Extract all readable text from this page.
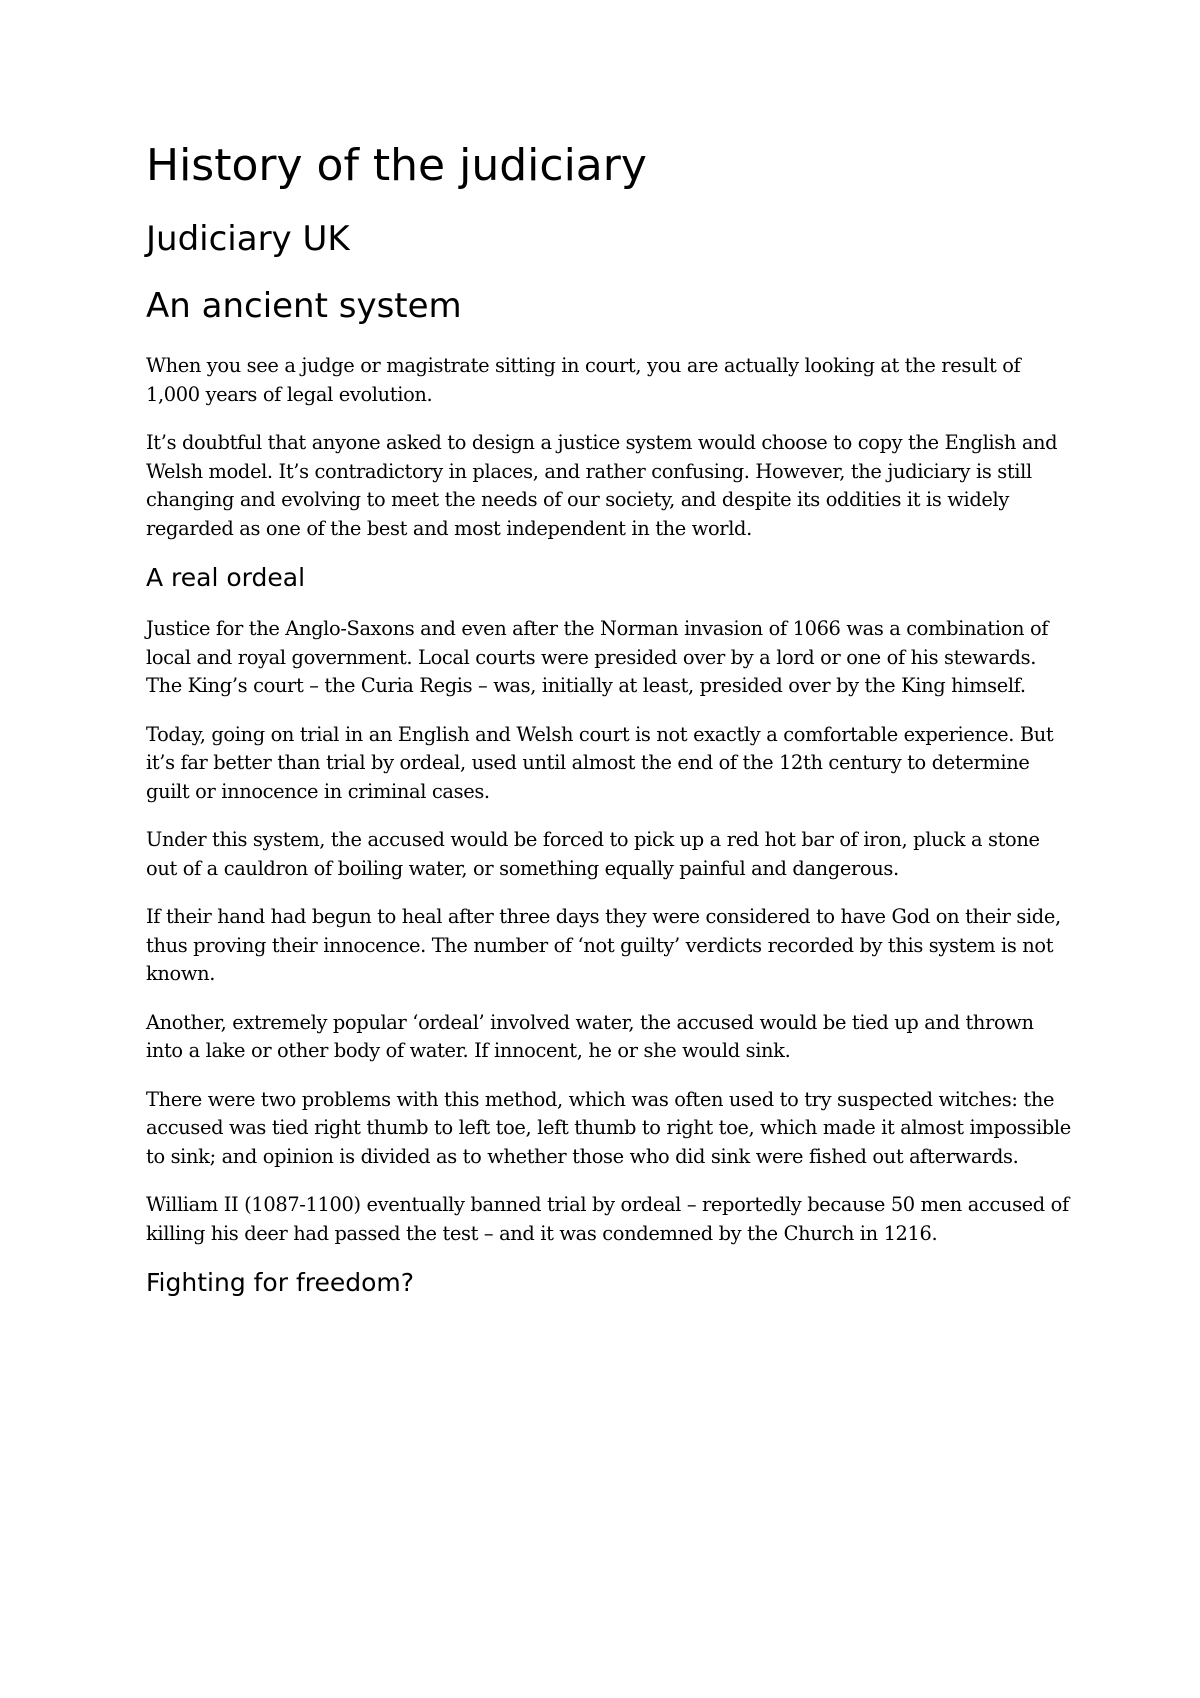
History of the judiciary
Judiciary UK
An ancient system

When you see a judge or magistrate sitting in court, you are actually looking at the result of 1,000 years of legal evolution.

It’s doubtful that anyone asked to design a justice system would choose to copy the English and Welsh model. It’s contradictory in places, and rather confusing. However, the judiciary is still changing and evolving to meet the needs of our society, and despite its oddities it is widely regarded as one of the best and most independent in the world.

A real ordeal

Justice for the Anglo-Saxons and even after the Norman invasion of 1066 was a combination of local and royal government. Local courts were presided over by a lord or one of his stewards. The King’s court – the Curia Regis – was, initially at least, presided over by the King himself.

Today, going on trial in an English and Welsh court is not exactly a comfortable experience. But it’s far better than trial by ordeal, used until almost the end of the 12th century to determine guilt or innocence in criminal cases.

Under this system, the accused would be forced to pick up a red hot bar of iron, pluck a stone out of a cauldron of boiling water, or something equally painful and dangerous.

If their hand had begun to heal after three days they were considered to have God on their side, thus proving their innocence. The number of ‘not guilty’ verdicts recorded by this system is not known.

Another, extremely popular ‘ordeal’ involved water, the accused would be tied up and thrown into a lake or other body of water. If innocent, he or she would sink.

There were two problems with this method, which was often used to try suspected witches: the accused was tied right thumb to left toe, left thumb to right toe, which made it almost impossible to sink; and opinion is divided as to whether those who did sink were fished out afterwards.

William II (1087-1100) eventually banned trial by ordeal – reportedly because 50 men accused of killing his deer had passed the test – and it was condemned by the Church in 1216.

Fighting for freedom?
